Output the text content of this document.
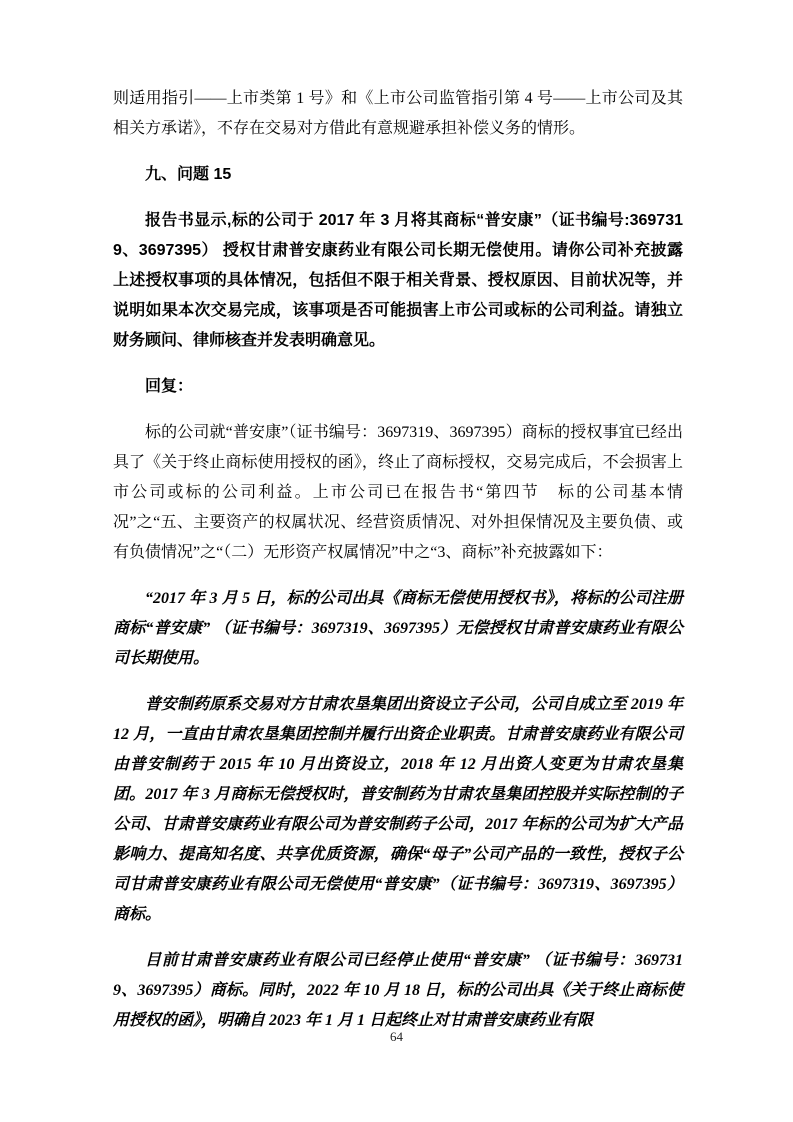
则适用指引——上市类第 1 号》和《上市公司监管指引第 4 号——上市公司及其相关方承诺》，不存在交易对方借此有意规避承担补偿义务的情形。

九、问题 15

报告书显示,标的公司于 2017 年 3 月将其商标“普安康”（证书编号:3697319、3697395） 授权甘肃普安康药业有限公司长期无偿使用。请你公司补充披露上述授权事项的具体情况，包括但不限于相关背景、授权原因、目前状况等，并说明如果本次交易完成，该事项是否可能损害上市公司或标的公司利益。请独立财务顾问、律师核查并发表明确意见。

回复：

标的公司就“普安康”（证书编号：3697319、3697395）商标的授权事宜已经出具了《关于终止商标使用授权的函》，终止了商标授权，交易完成后，不会损害上市公司或标的公司利益。上市公司已在报告书“第四节　标的公司基本情况”之“五、主要资产的权属状况、经营资质情况、对外担保情况及主要负债、或有负债情况”之“（二）无形资产权属情况”中之“3、商标”补充披露如下：

“2017 年 3 月 5 日，标的公司出具《商标无偿使用授权书》，将标的公司注册商标“普安康” （证书编号：3697319、3697395）无偿授权甘肃普安康药业有限公司长期使用。

普安制药原系交易对方甘肃农垦集团出资设立子公司，公司自成立至 2019 年 12 月，一直由甘肃农垦集团控制并履行出资企业职责。甘肃普安康药业有限公司由普安制药于 2015 年 10 月出资设立，2018 年 12 月出资人变更为甘肃农垦集团。2017 年 3 月商标无偿授权时，普安制药为甘肃农垦集团控股并实际控制的子公司、甘肃普安康药业有限公司为普安制药子公司，2017 年标的公司为扩大产品影响力、提高知名度、共享优质资源，确保“母子”公司产品的一致性，授权子公司甘肃普安康药业有限公司无偿使用“普安康”（证书编号：3697319、3697395）商标。

目前甘肃普安康药业有限公司已经停止使用“普安康” （证书编号：3697319、3697395）商标。同时，2022 年 10 月 18 日，标的公司出具《关于终止商标使用授权的函》，明确自 2023 年 1 月 1 日起终止对甘肃普安康药业有限

64
